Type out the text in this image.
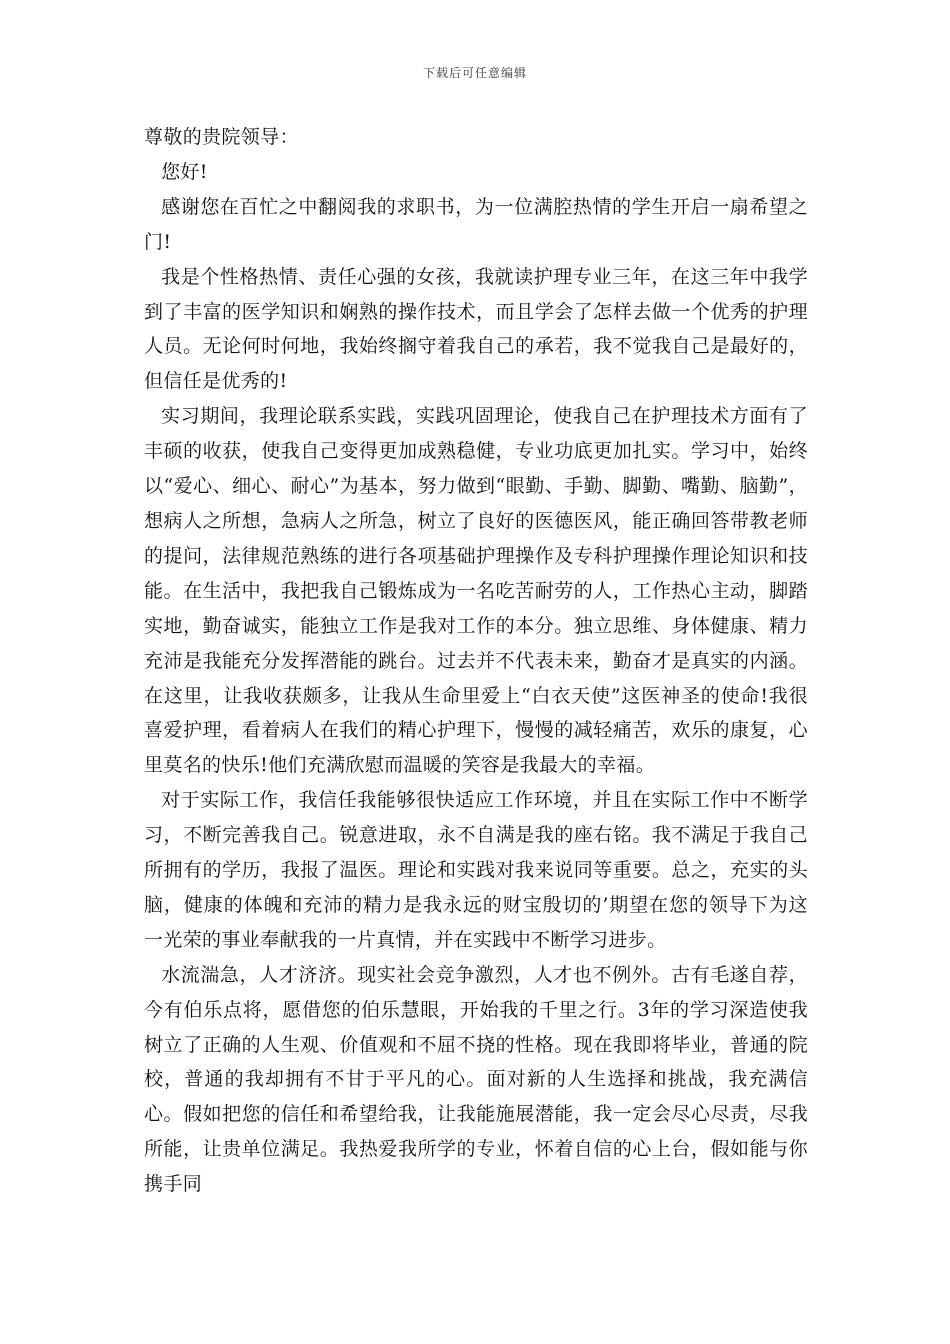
下载后可任意编辑

尊敬的贵院领导：

您好!

感谢您在百忙之中翻阅我的求职书，为一位满腔热情的学生开启一扇希望之门!

我是个性格热情、责任心强的女孩，我就读护理专业三年，在这三年中我学到了丰富的医学知识和娴熟的操作技术，而且学会了怎样去做一个优秀的护理人员。无论何时何地，我始终搁守着我自己的承若，我不觉我自己是最好的，但信任是优秀的!

实习期间，我理论联系实践，实践巩固理论，使我自己在护理技术方面有了丰硕的收获，使我自己变得更加成熟稳健，专业功底更加扎实。学习中，始终以“爱心、细心、耐心”为基本，努力做到“眼勤、手勤、脚勤、嘴勤、脑勤”，想病人之所想，急病人之所急，树立了良好的医德医风，能正确回答带教老师的提问，法律规范熟练的进行各项基础护理操作及专科护理操作理论知识和技能。在生活中，我把我自己锻炼成为一名吃苦耐劳的人，工作热心主动，脚踏实地，勤奋诚实，能独立工作是我对工作的本分。独立思维、身体健康、精力充沛是我能充分发挥潜能的跳台。过去并不代表未来，勤奋才是真实的内涵。在这里，让我收获颇多，让我从生命里爱上“白衣天使”这医神圣的使命!我很喜爱护理，看着病人在我们的精心护理下，慢慢的减轻痛苦，欢乐的康复，心里莫名的快乐!他们充满欣慰而温暖的笑容是我最大的幸福。

对于实际工作，我信任我能够很快适应工作环境，并且在实际工作中不断学习，不断完善我自己。锐意进取，永不自满是我的座右铭。我不满足于我自己所拥有的学历，我报了温医。理论和实践对我来说同等重要。总之，充实的头脑，健康的体魄和充沛的精力是我永远的财宝殷切的’期望在您的领导下为这一光荣的事业奉献我的一片真情，并在实践中不断学习进步。

水流湍急，人才济济。现实社会竞争激烈，人才也不例外。古有毛遂自荐，今有伯乐点将，愿借您的伯乐慧眼，开始我的千里之行。3年的学习深造使我树立了正确的人生观、价值观和不屈不挠的性格。现在我即将毕业，普通的院校，普通的我却拥有不甘于平凡的心。面对新的人生选择和挑战，我充满信心。假如把您的信任和希望给我，让我能施展潜能，我一定会尽心尽责，尽我所能，让贵单位满足。我热爱我所学的专业，怀着自信的心上台，假如能与你携手同
